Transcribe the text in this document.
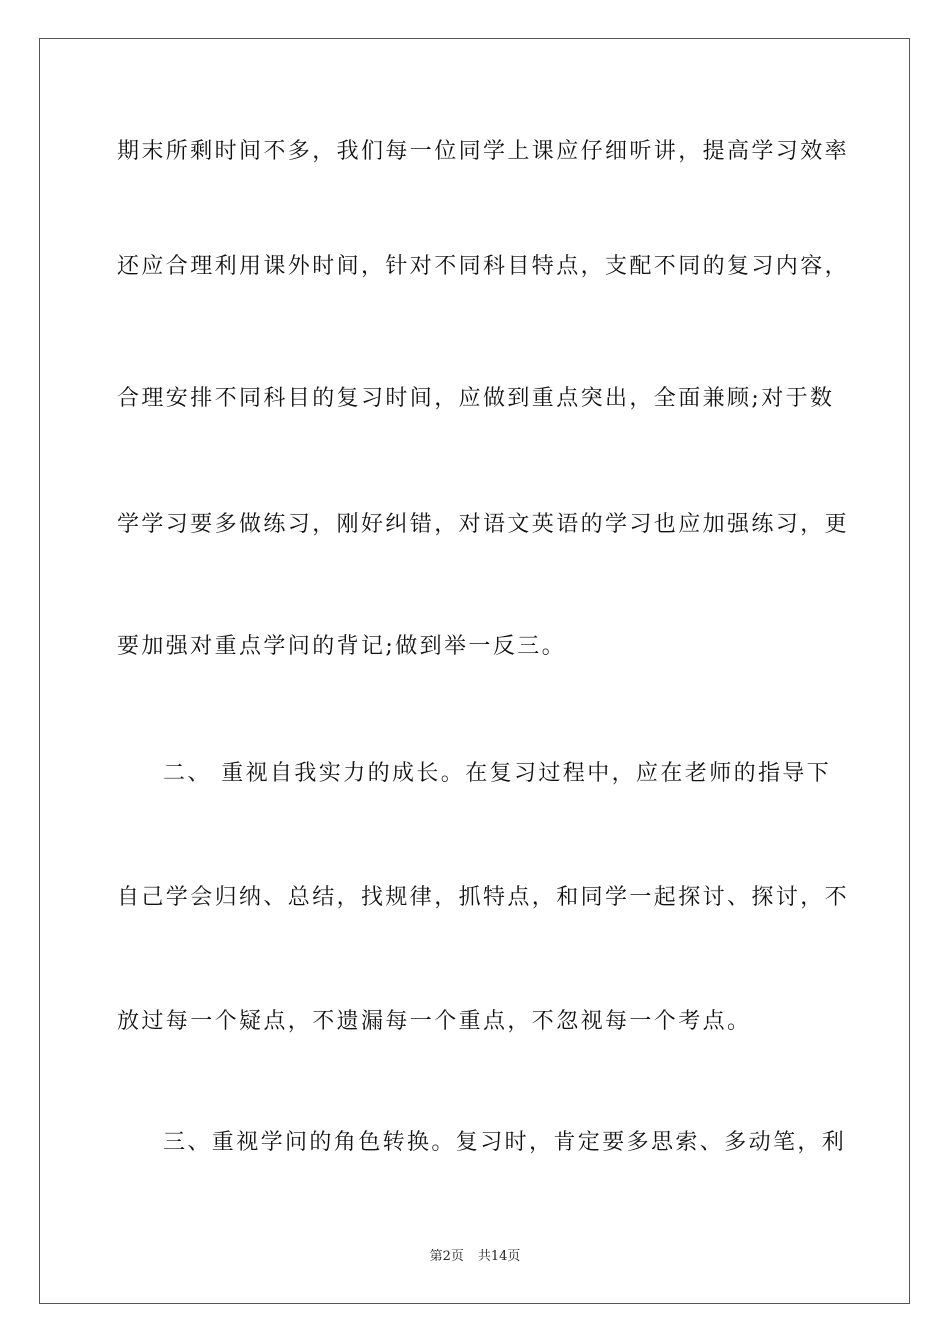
期末所剩时间不多，我们每一位同学上课应仔细听讲，提高学习效率
还应合理利用课外时间，针对不同科目特点，支配不同的复习内容，
合理安排不同科目的复习时间，应做到重点突出，全面兼顾;对于数
学学习要多做练习，刚好纠错，对语文英语的学习也应加强练习，更
要加强对重点学问的背记;做到举一反三。
二、 重视自我实力的成长。在复习过程中，应在老师的指导下
自己学会归纳、总结，找规律，抓特点，和同学一起探讨、探讨，不
放过每一个疑点，不遗漏每一个重点，不忽视每一个考点。
三、重视学问的角色转换。复习时，肯定要多思索、多动笔，利
第2页 共14页
